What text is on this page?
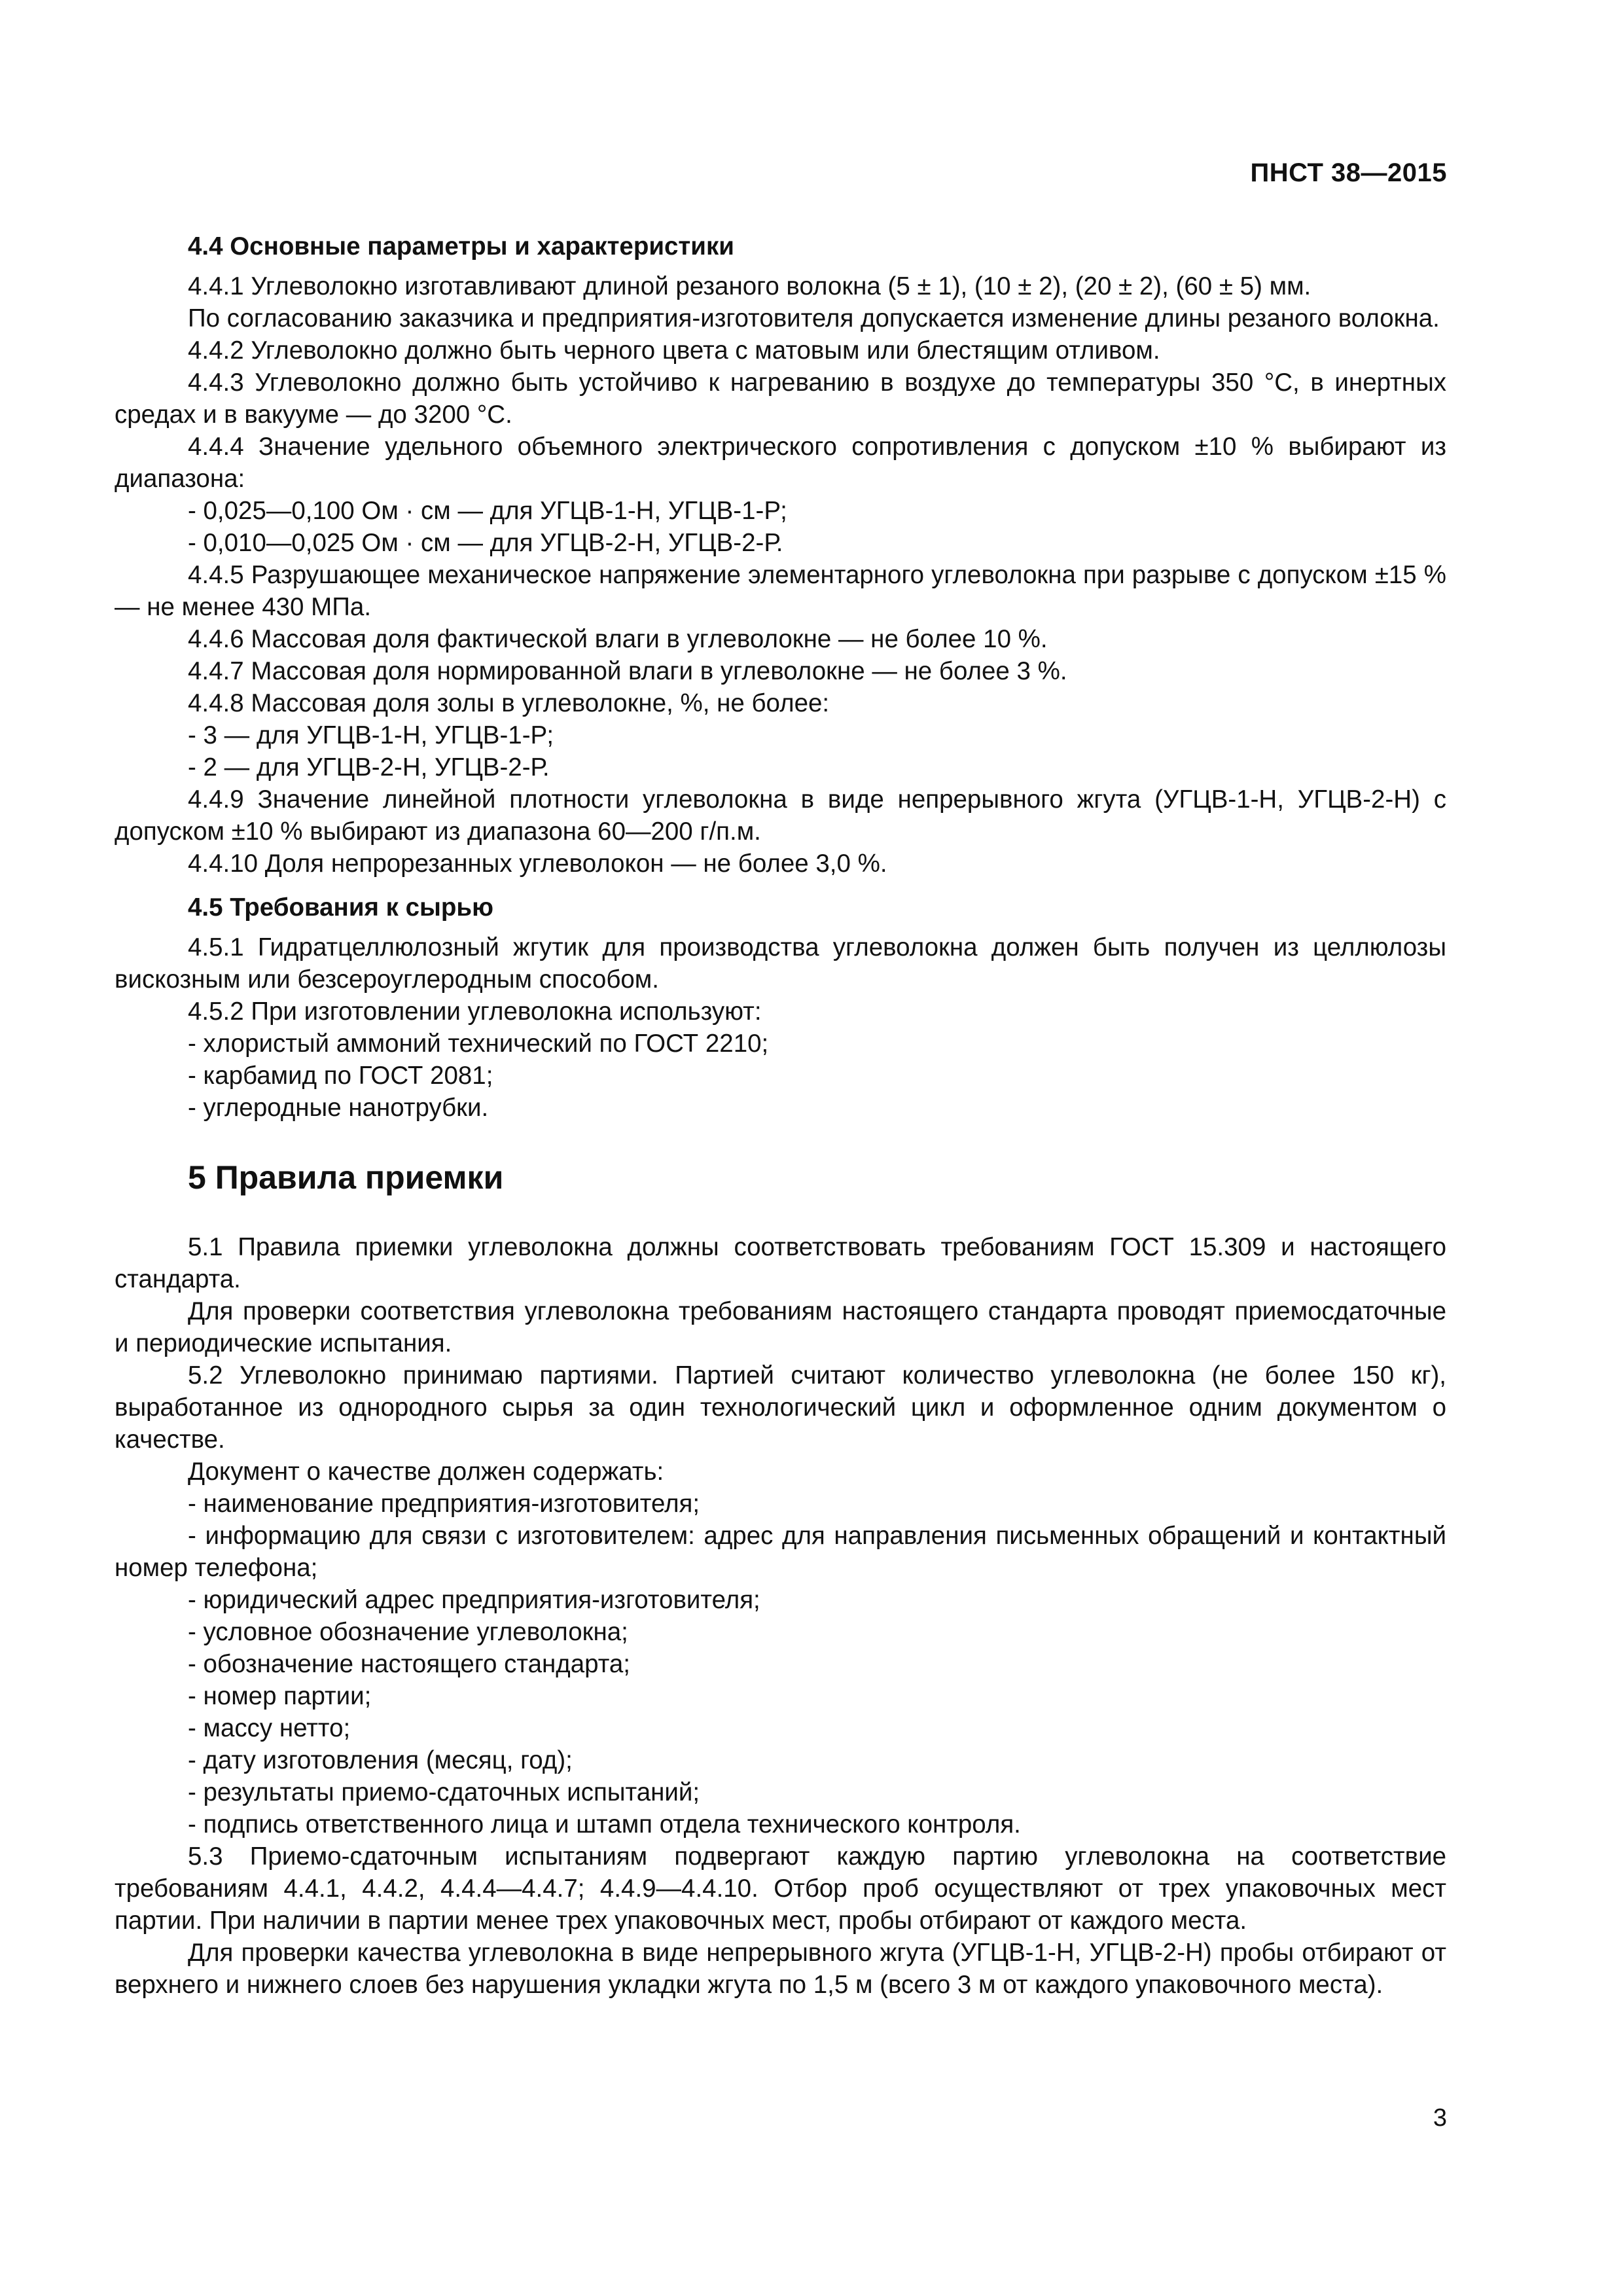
ПНСТ 38—2015

4.4 Основные параметры и характеристики

4.4.1 Углеволокно изготавливают длиной резаного волокна (5 ± 1), (10 ± 2), (20 ± 2), (60 ± 5) мм.

По согласованию заказчика и предприятия-изготовителя допускается изменение длины резаного волокна.

4.4.2 Углеволокно должно быть черного цвета с матовым или блестящим отливом.

4.4.3 Углеволокно должно быть устойчиво к нагреванию в воздухе до температуры 350 °С, в инертных средах и в вакууме — до 3200 °С.

4.4.4 Значение удельного объемного электрического сопротивления с допуском ±10 % выбирают из диапазона:

- 0,025—0,100 Ом · см — для УГЦВ-1-Н, УГЦВ-1-Р;

- 0,010—0,025 Ом · см — для УГЦВ-2-Н, УГЦВ-2-Р.

4.4.5 Разрушающее механическое напряжение элементарного углеволокна при разрыве с допуском ±15 % — не менее 430 МПа.

4.4.6 Массовая доля фактической влаги в углеволокне — не более 10 %.

4.4.7 Массовая доля нормированной влаги в углеволокне — не более 3 %.

4.4.8 Массовая доля золы в углеволокне, %, не более:

- 3 — для УГЦВ-1-Н, УГЦВ-1-Р;

- 2 — для УГЦВ-2-Н, УГЦВ-2-Р.

4.4.9 Значение линейной плотности углеволокна в виде непрерывного жгута (УГЦВ-1-Н, УГЦВ-2-Н) с допуском ±10 % выбирают из диапазона 60—200 г/п.м.

4.4.10 Доля непрорезанных углеволокон — не более 3,0 %.

4.5 Требования к сырью

4.5.1 Гидратцеллюлозный жгутик для производства углеволокна должен быть получен из целлюлозы вискозным или безсероуглеродным способом.

4.5.2 При изготовлении углеволокна используют:

- хлористый аммоний технический по ГОСТ 2210;

- карбамид по ГОСТ 2081;

- углеродные нанотрубки.

5 Правила приемки

5.1 Правила приемки углеволокна должны соответствовать требованиям ГОСТ 15.309 и настоящего стандарта.

Для проверки соответствия углеволокна требованиям настоящего стандарта проводят приемосдаточные и периодические испытания.

5.2 Углеволокно принимаю партиями. Партией считают количество углеволокна (не более 150 кг), выработанное из однородного сырья за один технологический цикл и оформленное одним документом о качестве.

Документ о качестве должен содержать:

- наименование предприятия-изготовителя;

- информацию для связи с изготовителем: адрес для направления письменных обращений и контактный номер телефона;

- юридический адрес предприятия-изготовителя;

- условное обозначение углеволокна;

- обозначение настоящего стандарта;

- номер партии;

- массу нетто;

- дату изготовления (месяц, год);

- результаты приемо-сдаточных испытаний;

- подпись ответственного лица и штамп отдела технического контроля.

5.3 Приемо-сдаточным испытаниям подвергают каждую партию углеволокна на соответствие требованиям 4.4.1, 4.4.2, 4.4.4—4.4.7; 4.4.9—4.4.10. Отбор проб осуществляют от трех упаковочных мест партии. При наличии в партии менее трех упаковочных мест, пробы отбирают от каждого места.

Для проверки качества углеволокна в виде непрерывного жгута (УГЦВ-1-Н, УГЦВ-2-Н) пробы отбирают от верхнего и нижнего слоев без нарушения укладки жгута по 1,5 м (всего 3 м от каждого упаковочного места).

3
